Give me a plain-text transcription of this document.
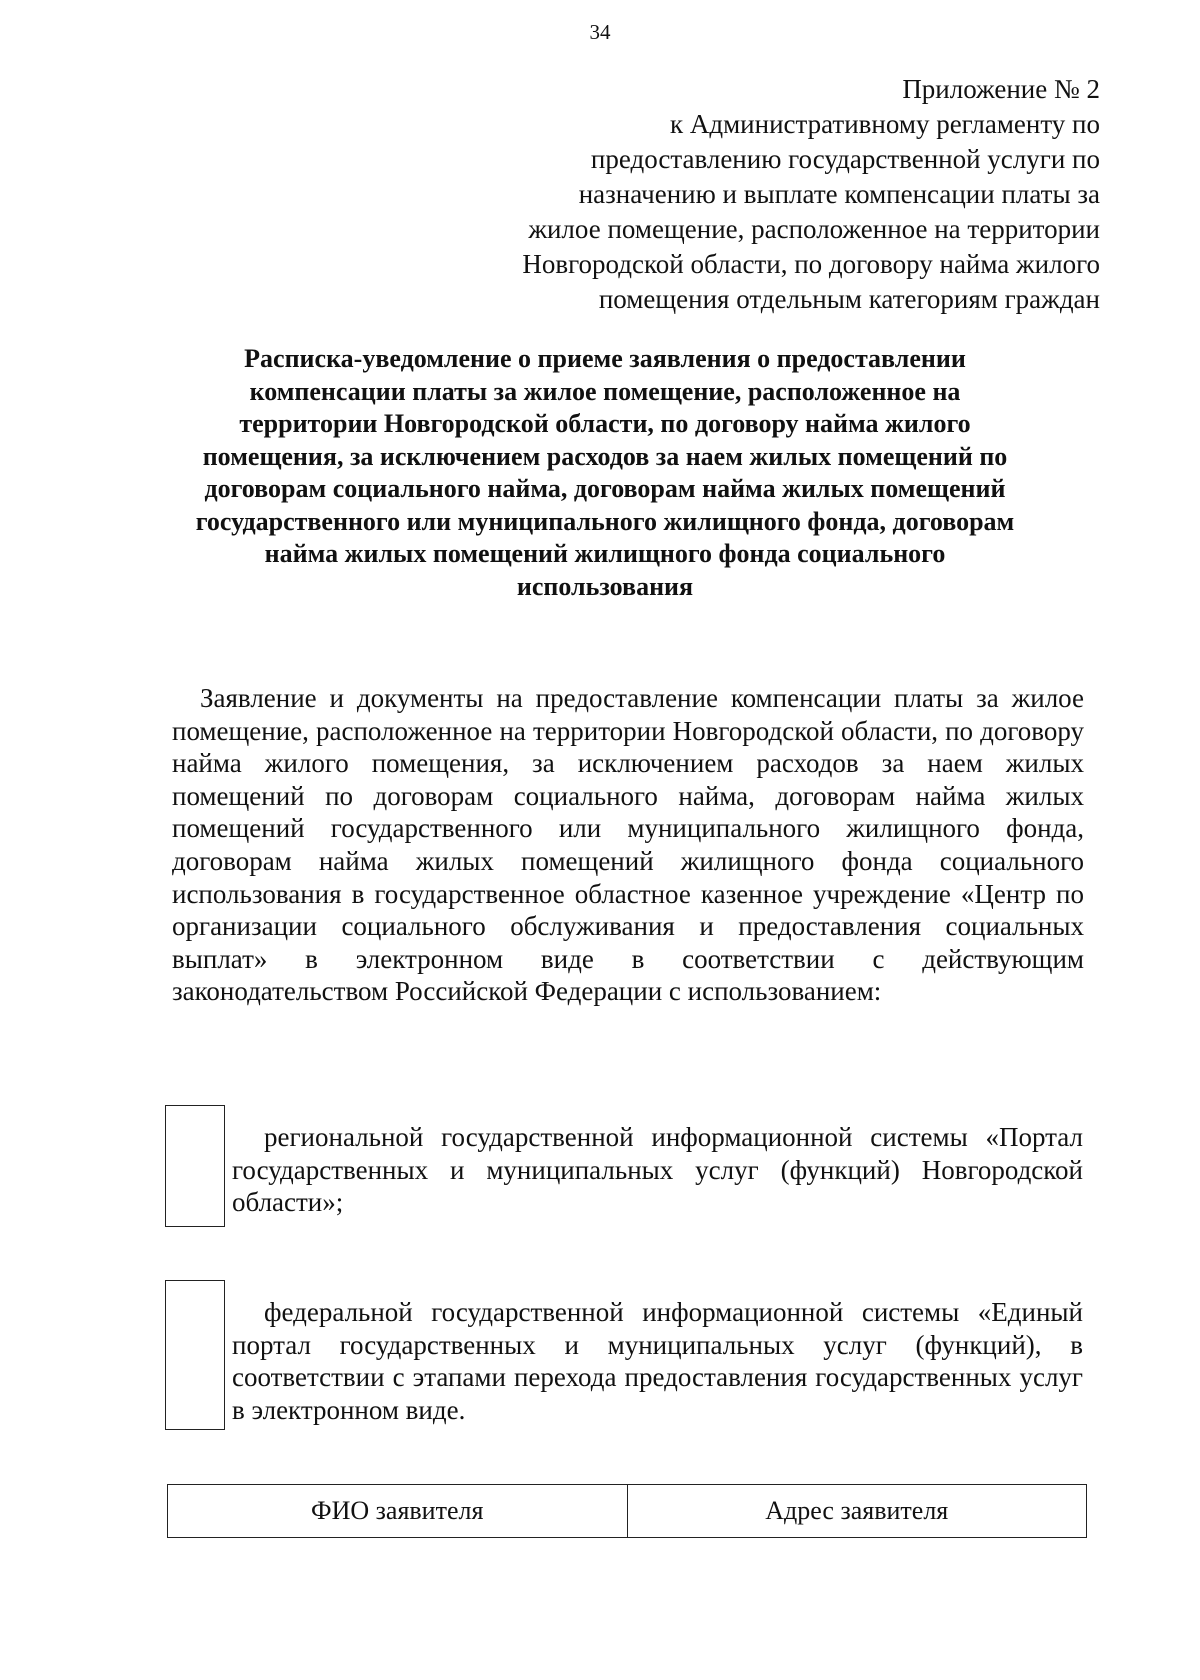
34
Приложение № 2
к Административному регламенту по
предоставлению государственной услуги по
назначению и выплате компенсации платы за
жилое помещение, расположенное на территории
Новгородской области, по договору найма жилого
помещения отдельным категориям граждан
Расписка-уведомление о приеме заявления о предоставлении
компенсации платы за жилое помещение, расположенное на
территории Новгородской области, по договору найма жилого
помещения, за исключением расходов за наем жилых помещений по
договорам социального найма, договорам найма жилых помещений
государственного или муниципального жилищного фонда, договорам
найма жилых помещений жилищного фонда социального
использования
Заявление и документы на предоставление компенсации платы за жилое помещение, расположенное на территории Новгородской области, по договору найма жилого помещения, за исключением расходов за наем жилых помещений по договорам социального найма, договорам найма жилых помещений государственного или муниципального жилищного фонда, договорам найма жилых помещений жилищного фонда социального использования в государственное областное казенное учреждение «Центр по организации социального обслуживания и предоставления социальных выплат» в электронном виде в соответствии с действующим законодательством Российской Федерации с использованием:
региональной государственной информационной системы «Портал государственных и муниципальных услуг (функций) Новгородской области»;
федеральной государственной информационной системы «Единый портал государственных и муниципальных услуг (функций), в соответствии с этапами перехода предоставления государственных услуг в электронном виде.
ФИО заявителя	Адрес заявителя
